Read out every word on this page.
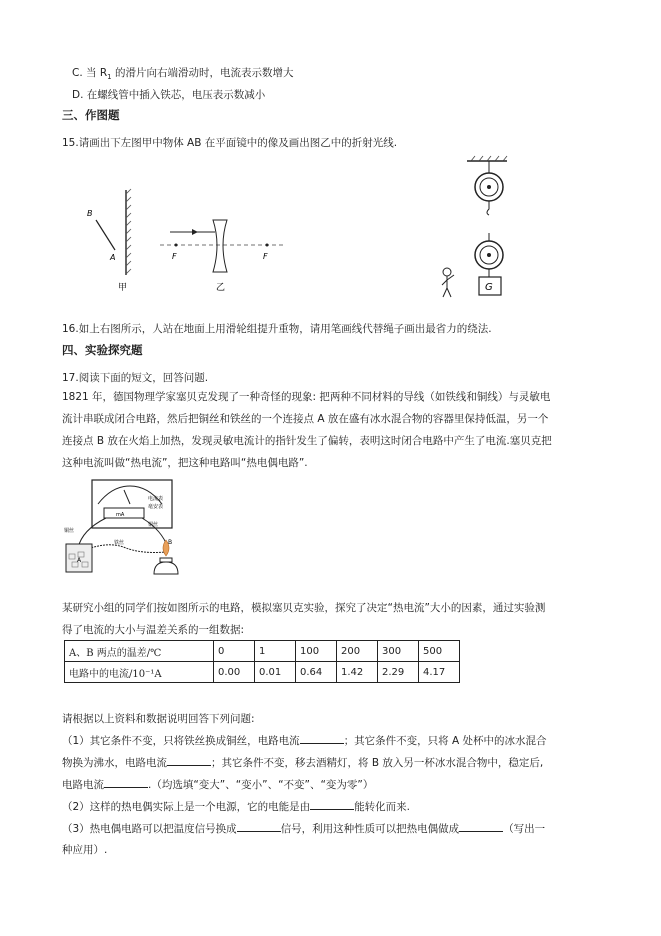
C. 当 $R_1$ 的滑片向右端滑动时，电流表示数增大
D. 在螺线管中插入铁芯，电压表示数减小
三、作图题
15.请画出下左图甲中物体 AB 在平面镜中的像及画出图乙中的折射光线.
B
A
甲
F	F
乙	G
16.如上右图所示，人站在地面上用滑轮组提升重物，请用笔画线代替绳子画出最省力的绕法.
四、实验探究题
17.阅读下面的短文，回答问题.
1821 年，德国物理学家塞贝克发现了一种奇怪的现象: 把两种不同材料的导线（如铁线和铜线）与灵敏电
流计串联成闭合电路，然后把铜丝和铁丝的一个连接点 A 放在盛有冰水混合物的容器里保持低温，另一个
连接点 B 放在火焰上加热，发现灵敏电流计的指针发生了偏转，表明这时闭合电路中产生了电流.塞贝克把
这种电流叫做“热电流”，把这种电路叫“热电偶电路”.
mA
电流表
毫安表
铜丝
铜丝
铁丝
A
B
某研究小组的同学们按如图所示的电路，模拟塞贝克实验，探究了决定“热电流”大小的因素，通过实验测
得了电流的大小与温差关系的一组数据:
A、B 两点的温差/℃	0	1	100	200	300	500
电路中的电流/10⁻¹A	0.00	0.01	0.64	1.42	2.29	4.17
请根据以上资料和数据说明回答下列问题:
（1）其它条件不变，只将铁丝换成铜丝，电路电流	；其它条件不变，只将 A 处杯中的冰水混合
物换为沸水，电路电流	；其它条件不变，移去酒精灯，将 B 放入另一杯冰水混合物中，稳定后,
电路电流	.（均选填“变大”、“变小”、“不变”、“变为零”）
（2）这样的热电偶实际上是一个电源，它的电能是由	能转化而来.
（3）热电偶电路可以把温度信号换成	信号，利用这种性质可以把热电偶做成	（写出一
种应用）.
